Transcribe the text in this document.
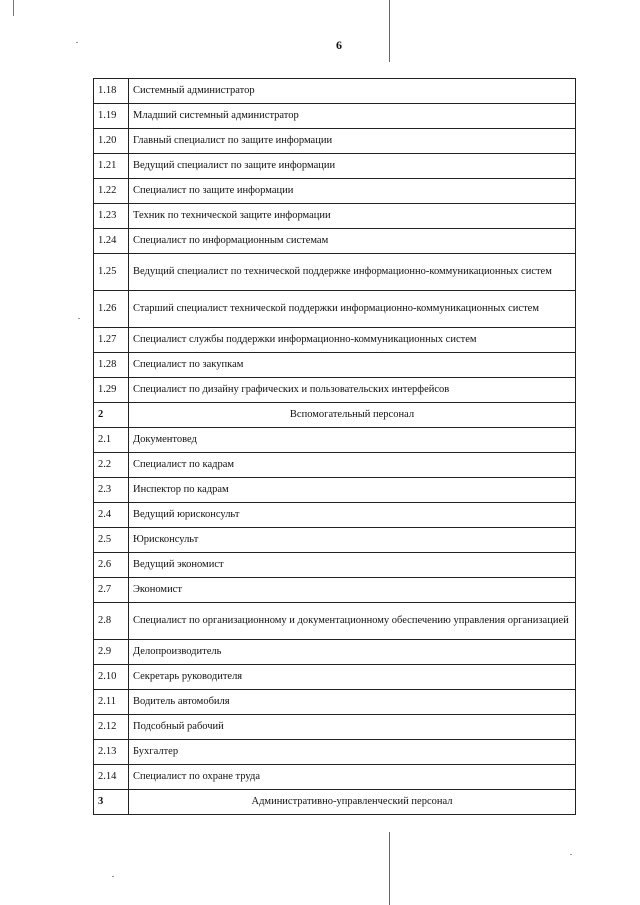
6
1.18	Системный администратор
1.19	Младший системный администратор
1.20	Главный специалист по защите информации
1.21	Ведущий специалист по защите информации
1.22	Специалист по защите информации
1.23	Техник по технической защите информации
1.24	Специалист по информационным системам
1.25	Ведущий специалист по технической поддержке информационно-коммуникационных систем
1.26	Старший специалист технической поддержки информационно-коммуникационных систем
1.27	Специалист службы поддержки информационно-коммуникационных систем
1.28	Специалист по закупкам
1.29	Специалист по дизайну графических и пользовательских интерфейсов
2	Вспомогательный персонал
2.1	Документовед
2.2	Специалист по кадрам
2.3	Инспектор по кадрам
2.4	Ведущий юрисконсульт
2.5	Юрисконсульт
2.6	Ведущий экономист
2.7	Экономист
2.8	Специалист по организационному и документационному обеспечению управления организацией
2.9	Делопроизводитель
2.10	Секретарь руководителя
2.11	Водитель автомобиля
2.12	Подсобный рабочий
2.13	Бухгалтер
2.14	Специалист по охране труда
3	Административно-управленческий персонал
